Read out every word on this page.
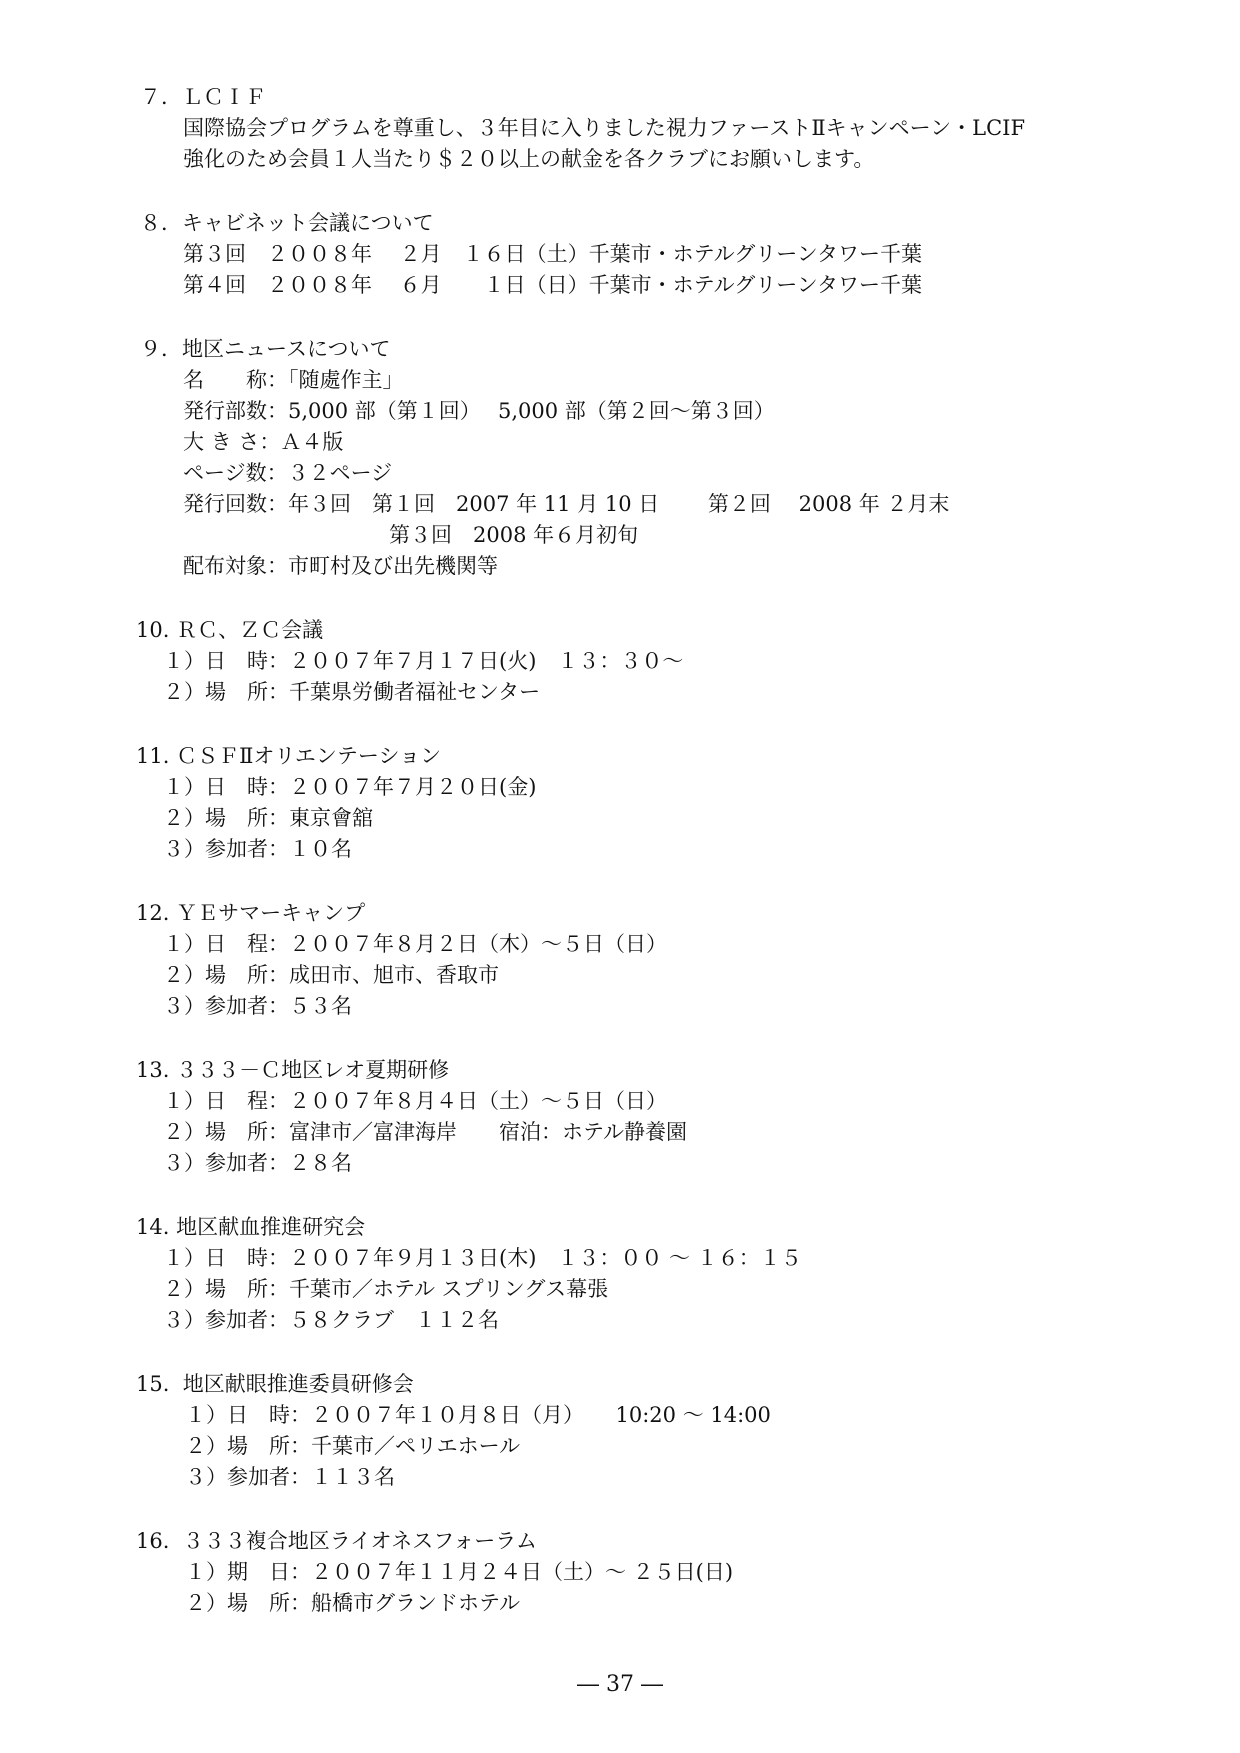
７．ＬＣＩＦ
国際協会プログラムを尊重し、３年目に入りました視力ファーストⅡキャンペーン・LCIF
強化のため会員１人当たり＄２０以上の献金を各クラブにお願いします。
８．キャビネット会議について
第３回　２００８年　 ２月　１６日（土）千葉市・ホテルグリーンタワー千葉
第４回　２００８年　 ６月　　１日（日）千葉市・ホテルグリーンタワー千葉
９．地区ニュースについて
名　　称：「随處作主」
発行部数：5,000 部（第１回）　 5,000 部（第２回～第３回）
大 き さ：Ａ４版
ページ数：３２ページ
発行回数：年３回　第１回　2007 年 11 月 10 日　　 第２回　 2008 年 ２月末
第３回　2008 年６月初旬
配布対象：市町村及び出先機関等
10. ＲＣ、ＺＣ会議
１）日　時：２００７年７月１７日(火)　１３：３０～
２）場　所：千葉県労働者福祉センター
11. ＣＳＦⅡオリエンテーション
１）日　時：２００７年７月２０日(金)
２）場　所：東京會舘
３）参加者：１０名
12. ＹＥサマーキャンプ
１）日　程：２００７年８月２日（木）～５日（日）
２）場　所：成田市、旭市、香取市
３）参加者：５３名
13. ３３３－Ｃ地区レオ夏期研修
１）日　程：２００７年８月４日（土）～５日（日）
２）場　所：富津市／富津海岸　　宿泊：ホテル静養園
３）参加者：２８名
14. 地区献血推進研究会
１）日　時：２００７年９月１３日(木)　１３：００ ～ １６：１５
２）場　所：千葉市／ホテル スプリングス幕張
３）参加者：５８クラブ　１１２名
15.  地区献眼推進委員研修会
１）日　時：２００７年１０月８日（月）　　10:20 ～ 14:00
２）場　所：千葉市／ペリエホール
３）参加者：１１３名
16.  ３３３複合地区ライオネスフォーラム
１）期　日：２００７年１１月２４日（土）～ ２５日(日)
２）場　所：船橋市グランドホテル
― 37 ―
